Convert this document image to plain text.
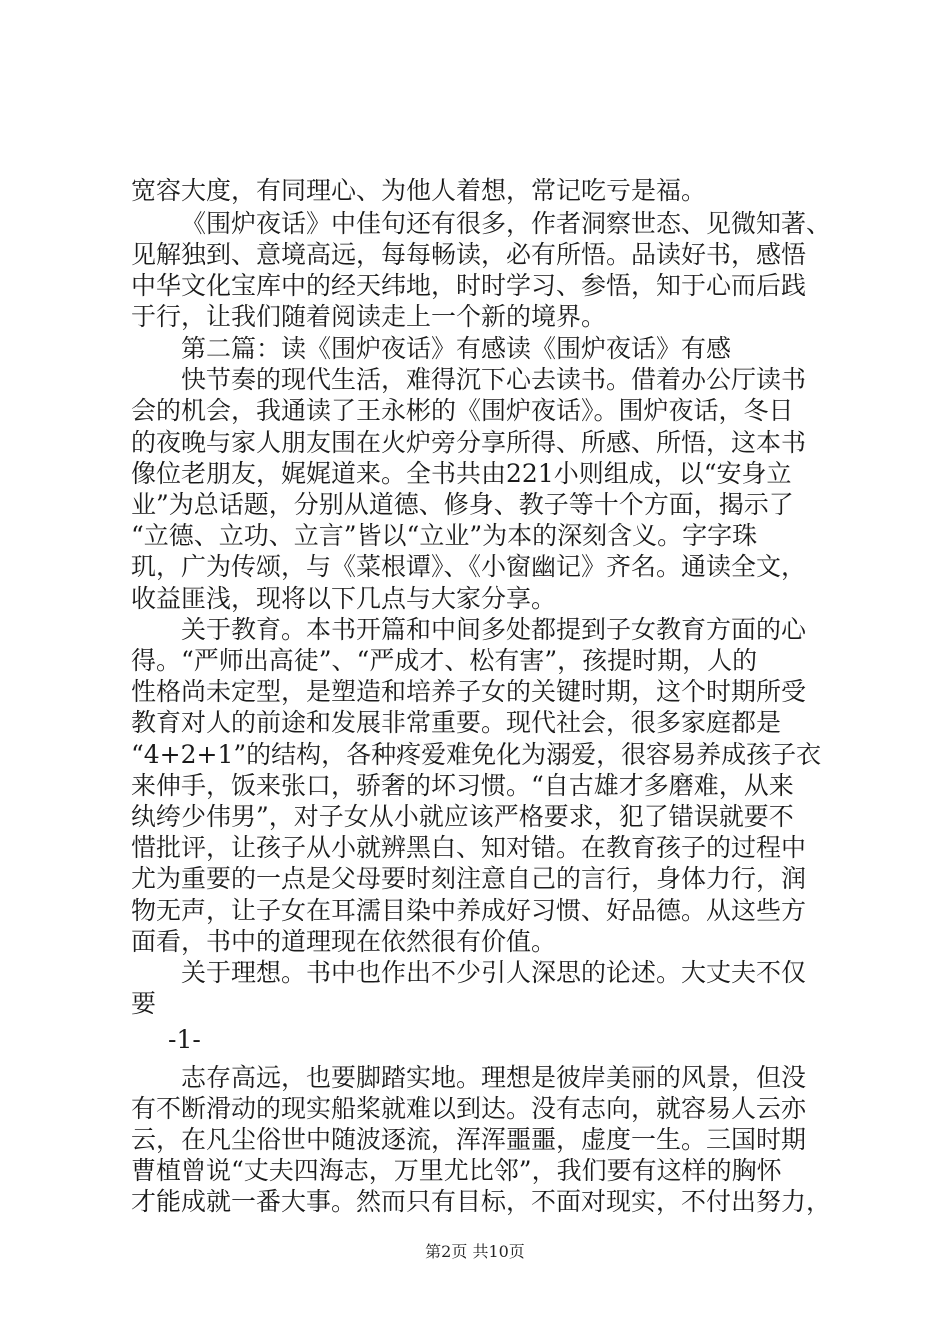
宽容大度，有同理心、为他人着想，常记吃亏是福。
《围炉夜话》中佳句还有很多，作者洞察世态、见微知著、
见解独到、意境高远，每每畅读，必有所悟。品读好书，感悟
中华文化宝库中的经天纬地，时时学习、参悟，知于心而后践
于行，让我们随着阅读走上一个新的境界。
第二篇：读《围炉夜话》有感读《围炉夜话》有感
快节奏的现代生活，难得沉下心去读书。借着办公厅读书
会的机会，我通读了王永彬的《围炉夜话》。围炉夜话，冬日
的夜晚与家人朋友围在火炉旁分享所得、所感、所悟，这本书
像位老朋友，娓娓道来。全书共由221小则组成，以“安身立
业”为总话题，分别从道德、修身、教子等十个方面，揭示了
“立德、立功、立言”皆以“立业”为本的深刻含义。字字珠
玑，广为传颂，与《菜根谭》、《小窗幽记》齐名。通读全文，
收益匪浅，现将以下几点与大家分享。
关于教育。本书开篇和中间多处都提到子女教育方面的心
得。“严师出高徒”、“严成才、松有害”，孩提时期，人的
性格尚未定型，是塑造和培养子女的关键时期，这个时期所受
教育对人的前途和发展非常重要。现代社会，很多家庭都是
“4+2+1”的结构，各种疼爱难免化为溺爱，很容易养成孩子衣
来伸手，饭来张口，骄奢的坏习惯。“自古雄才多磨难，从来
纨绔少伟男”，对子女从小就应该严格要求，犯了错误就要不
惜批评，让孩子从小就辨黑白、知对错。在教育孩子的过程中
尤为重要的一点是父母要时刻注意自己的言行，身体力行，润
物无声，让子女在耳濡目染中养成好习惯、好品德。从这些方
面看，书中的道理现在依然很有价值。
关于理想。书中也作出不少引人深思的论述。大丈夫不仅
要
-1-
志存高远，也要脚踏实地。理想是彼岸美丽的风景，但没
有不断滑动的现实船桨就难以到达。没有志向，就容易人云亦
云，在凡尘俗世中随波逐流，浑浑噩噩，虚度一生。三国时期
曹植曾说“丈夫四海志，万里尤比邻”，我们要有这样的胸怀
才能成就一番大事。然而只有目标，不面对现实，不付出努力，
第2页 共10页
